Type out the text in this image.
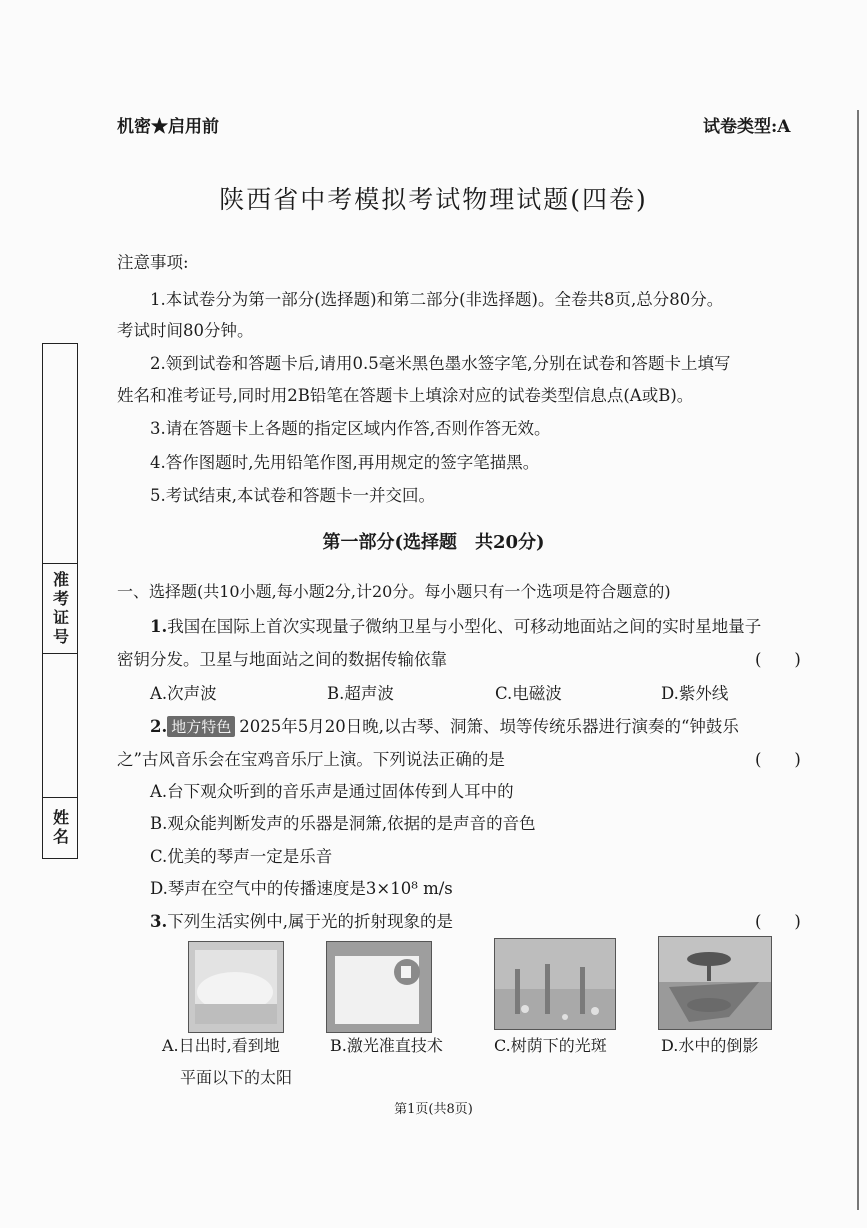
机密★启用前	试卷类型:A
陕西省中考模拟考试物理试题(四卷)
注意事项:
1.本试卷分为第一部分(选择题)和第二部分(非选择题)。全卷共8页,总分80分。
考试时间80分钟。
2.领到试卷和答题卡后,请用0.5毫米黑色墨水签字笔,分别在试卷和答题卡上填写
姓名和准考证号,同时用2B铅笔在答题卡上填涂对应的试卷类型信息点(A或B)。
3.请在答题卡上各题的指定区域内作答,否则作答无效。
4.答作图题时,先用铅笔作图,再用规定的签字笔描黑。
5.考试结束,本试卷和答题卡一并交回。
准考证号
姓名
第一部分(选择题　共20分)
一、选择题(共10小题,每小题2分,计20分。每小题只有一个选项是符合题意的)
1.我国在国际上首次实现量子微纳卫星与小型化、可移动地面站之间的实时星地量子
密钥分发。卫星与地面站之间的数据传输依靠	(　　)
A.次声波	B.超声波	C.电磁波	D.紫外线
2. 地方特色 2025年5月20日晚,以古琴、洞箫、埙等传统乐器进行演奏的“钟鼓乐
之”古风音乐会在宝鸡音乐厅上演。下列说法正确的是	(　　)
A.台下观众听到的音乐声是通过固体传到人耳中的
B.观众能判断发声的乐器是洞箫,依据的是声音的音色
C.优美的琴声一定是乐音
D.琴声在空气中的传播速度是3×10⁸ m/s
3.下列生活实例中,属于光的折射现象的是	(　　)
A.日出时,看到地
平面以下的太阳
B.激光准直技术	C.树荫下的光斑	D.水中的倒影
第1页(共8页)
